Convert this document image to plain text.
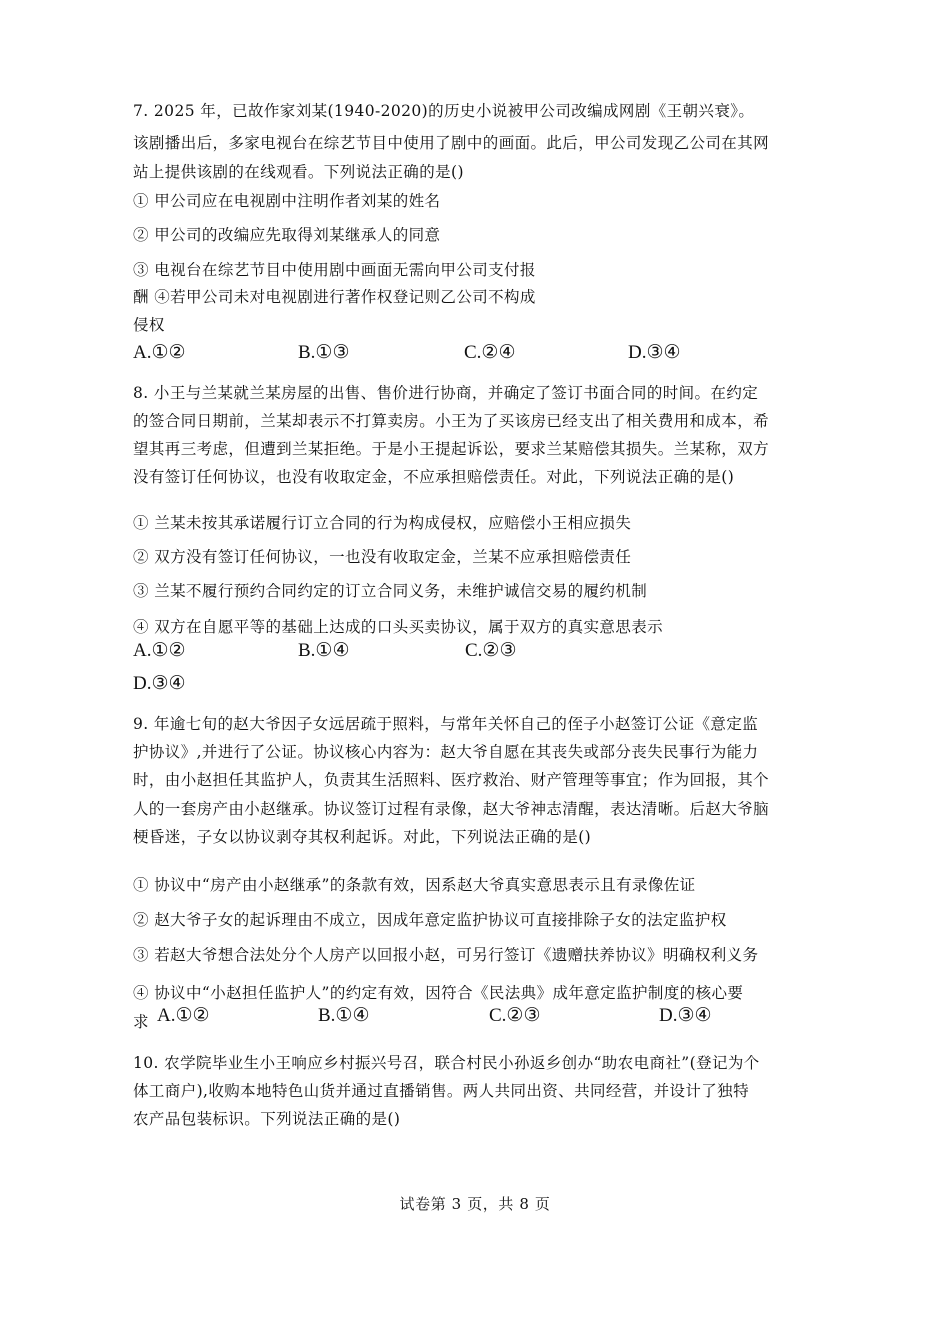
7. 2025 年，已故作家刘某(1940-2020)的历史小说被甲公司改编成网剧《王朝兴衰》。
该剧播出后，多家电视台在综艺节目中使用了剧中的画面。此后，甲公司发现乙公司在其网
站上提供该剧的在线观看。下列说法正确的是()
① 甲公司应在电视剧中注明作者刘某的姓名
② 甲公司的改编应先取得刘某继承人的同意
③ 电视台在综艺节目中使用剧中画面无需向甲公司支付报
酬 ④若甲公司未对电视剧进行著作权登记则乙公司不构成
侵权
A.①②	B.①③	C.②④	D.③④
8. 小王与兰某就兰某房屋的出售、售价进行协商，并确定了签订书面合同的时间。在约定
的签合同日期前，兰某却表示不打算卖房。小王为了买该房已经支出了相关费用和成本，希
望其再三考虑，但遭到兰某拒绝。于是小王提起诉讼，要求兰某赔偿其损失。兰某称，双方
没有签订任何协议，也没有收取定金，不应承担赔偿责任。对此，下列说法正确的是()
① 兰某未按其承诺履行订立合同的行为构成侵权，应赔偿小王相应损失
② 双方没有签订任何协议，一也没有收取定金，兰某不应承担赔偿责任
③ 兰某不履行预约合同约定的订立合同义务，未维护诚信交易的履约机制
④ 双方在自愿平等的基础上达成的口头买卖协议，属于双方的真实意思表示
A.①②	B.①④	C.②③
D.③④
9. 年逾七旬的赵大爷因子女远居疏于照料，与常年关怀自己的侄子小赵签订公证《意定监
护协议》,并进行了公证。协议核心内容为：赵大爷自愿在其丧失或部分丧失民事行为能力
时，由小赵担任其监护人，负责其生活照料、医疗救治、财产管理等事宜；作为回报，其个
人的一套房产由小赵继承。协议签订过程有录像，赵大爷神志清醒，表达清晰。后赵大爷脑
梗昏迷，子女以协议剥夺其权利起诉。对此，下列说法正确的是()
① 协议中“房产由小赵继承”的条款有效，因系赵大爷真实意思表示且有录像佐证
② 赵大爷子女的起诉理由不成立，因成年意定监护协议可直接排除子女的法定监护权
③ 若赵大爷想合法处分个人房产以回报小赵，可另行签订《遗赠扶养协议》明确权利义务
④ 协议中“小赵担任监护人”的约定有效，因符合《民法典》成年意定监护制度的核心要
求 A.①②	B.①④	C.②③	D.③④
10. 农学院毕业生小王响应乡村振兴号召，联合村民小孙返乡创办“助农电商社”(登记为个
体工商户),收购本地特色山货并通过直播销售。两人共同出资、共同经营，并设计了独特
农产品包装标识。下列说法正确的是()
试卷第 3 页，共 8 页
